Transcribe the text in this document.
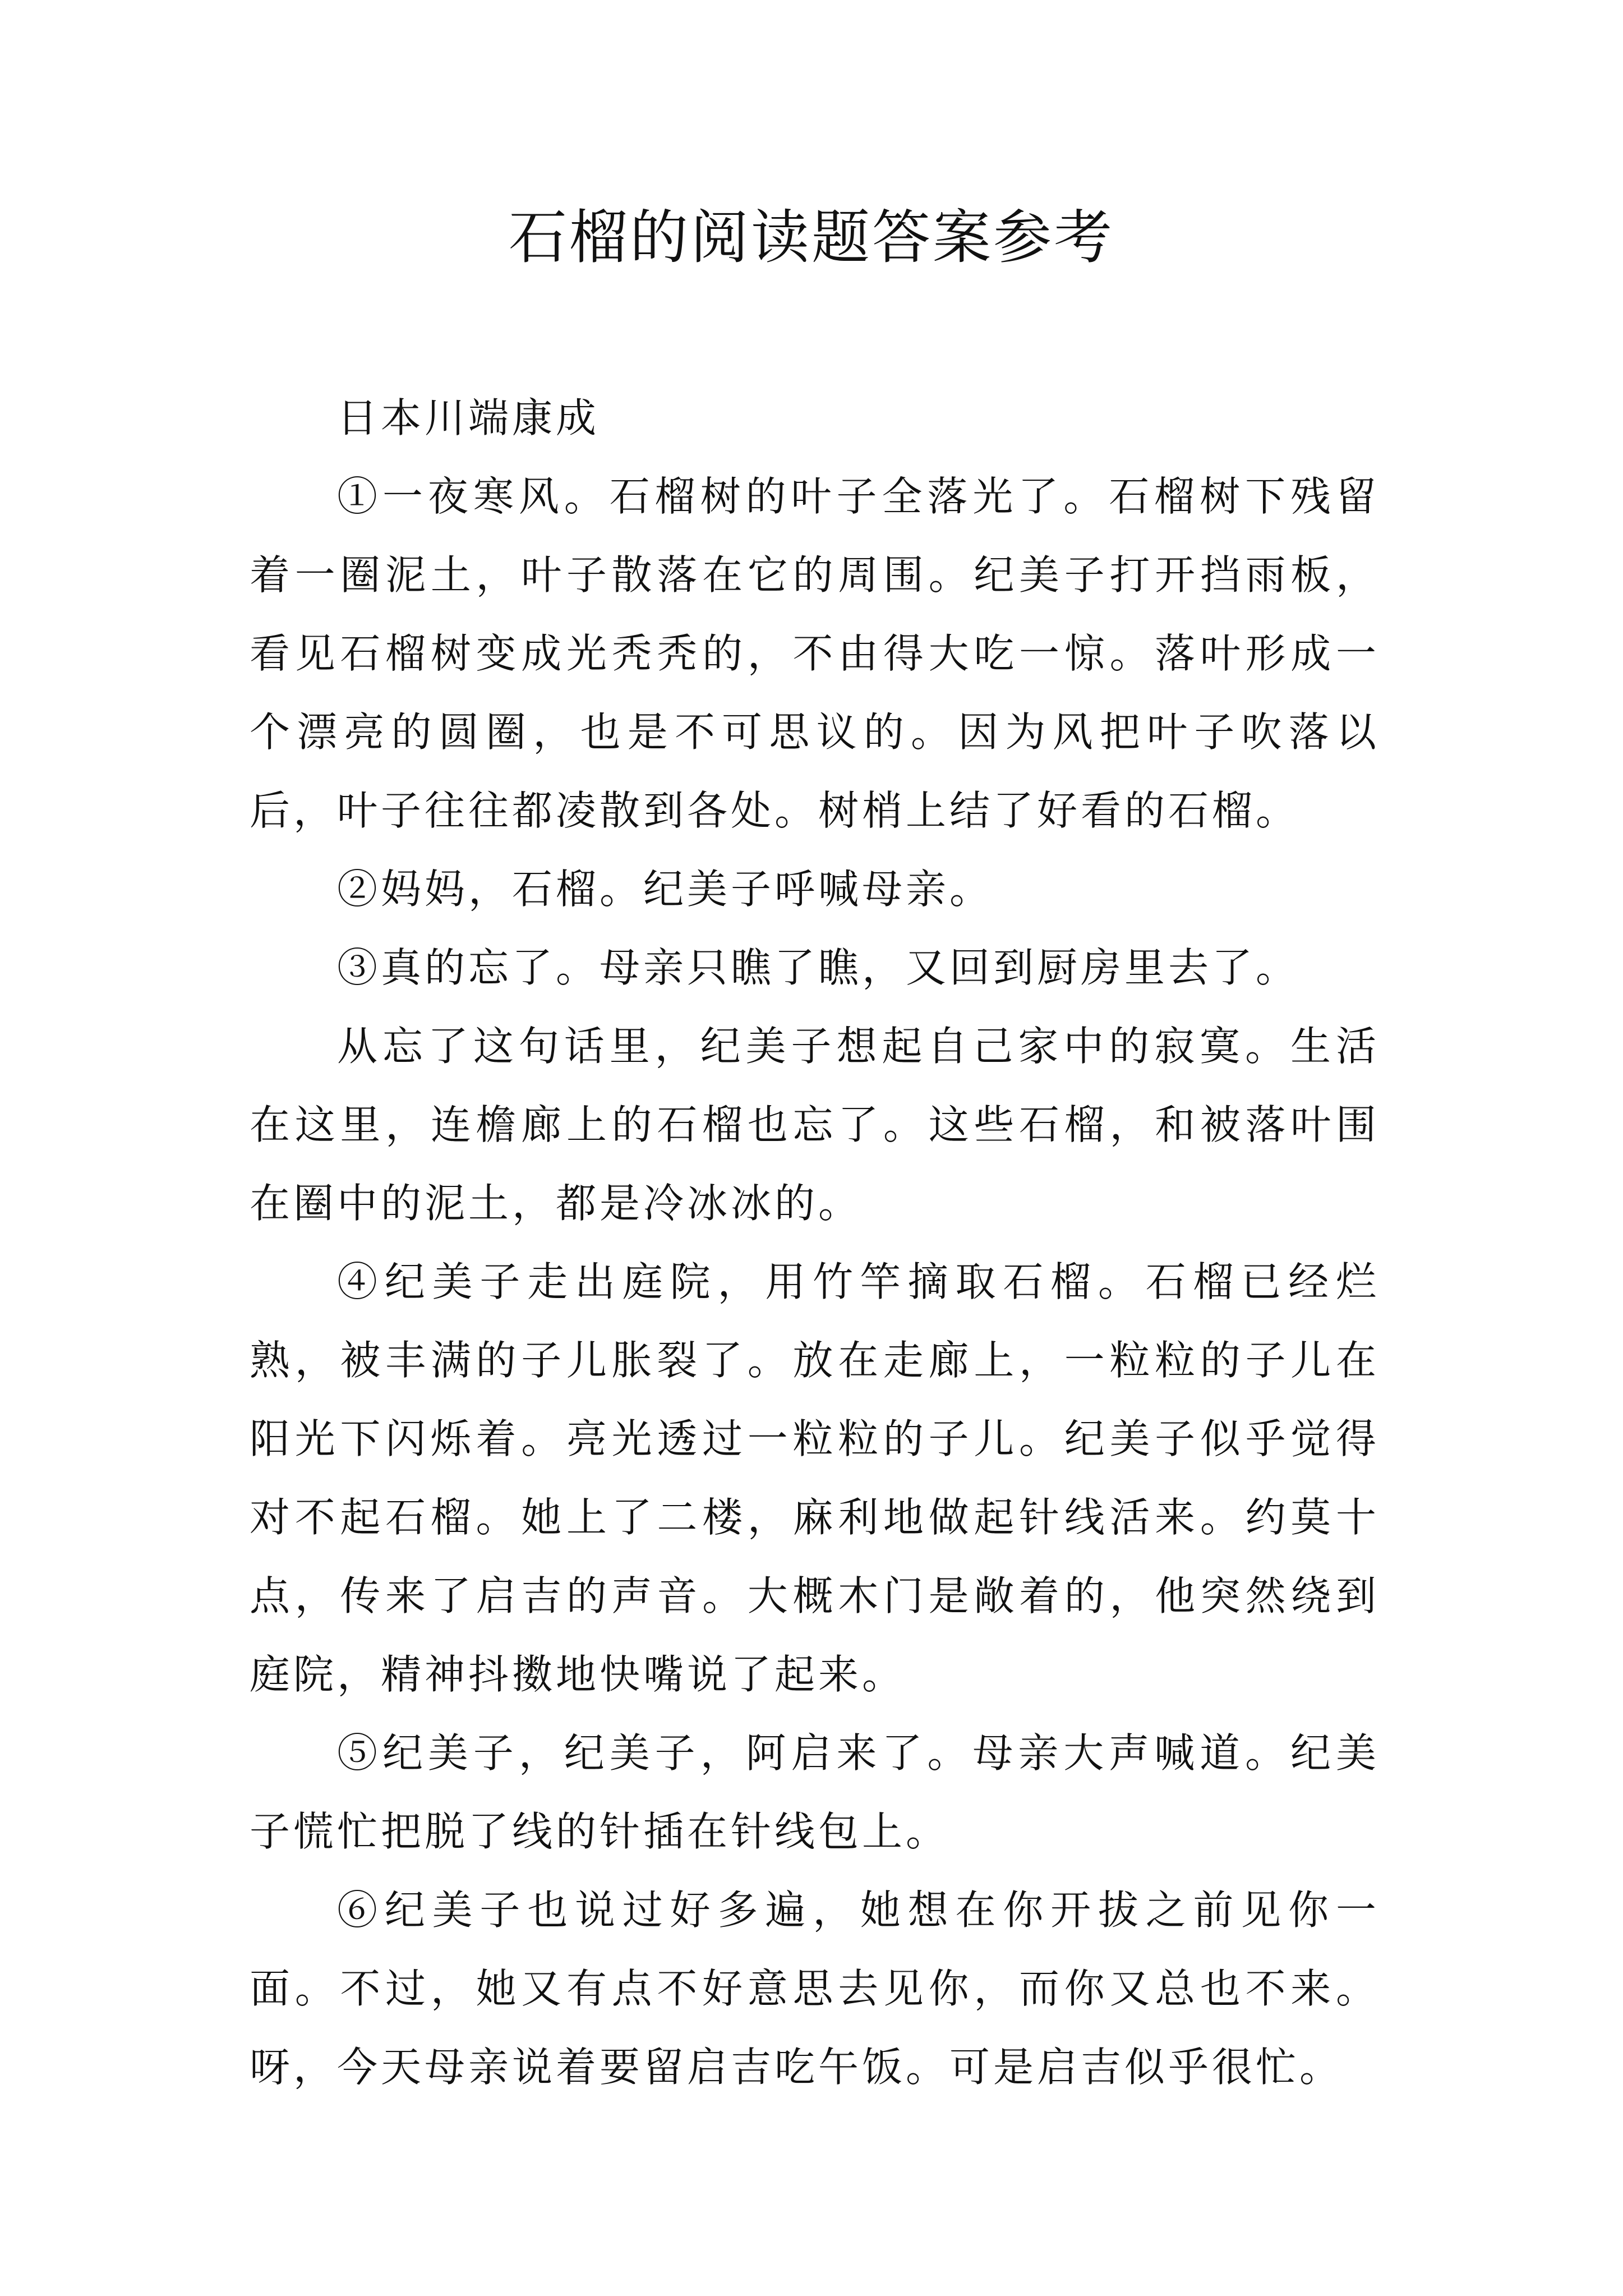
石榴的阅读题答案参考

日本川端康成

①一夜寒风。石榴树的叶子全落光了。石榴树下残留着一圈泥土，叶子散落在它的周围。纪美子打开挡雨板，看见石榴树变成光秃秃的，不由得大吃一惊。落叶形成一个漂亮的圆圈，也是不可思议的。因为风把叶子吹落以后，叶子往往都凌散到各处。树梢上结了好看的石榴。

②妈妈，石榴。纪美子呼喊母亲。

③真的忘了。母亲只瞧了瞧，又回到厨房里去了。

从忘了这句话里，纪美子想起自己家中的寂寞。生活在这里，连檐廊上的石榴也忘了。这些石榴，和被落叶围在圈中的泥土，都是冷冰冰的。

④纪美子走出庭院，用竹竿摘取石榴。石榴已经烂熟，被丰满的子儿胀裂了。放在走廊上，一粒粒的子儿在阳光下闪烁着。亮光透过一粒粒的子儿。纪美子似乎觉得对不起石榴。她上了二楼，麻利地做起针线活来。约莫十点，传来了启吉的声音。大概木门是敞着的，他突然绕到庭院，精神抖擞地快嘴说了起来。

⑤纪美子，纪美子，阿启来了。母亲大声喊道。纪美子慌忙把脱了线的针插在针线包上。

⑥纪美子也说过好多遍，她想在你开拔之前见你一面。不过，她又有点不好意思去见你，而你又总也不来。呀，今天母亲说着要留启吉吃午饭。可是启吉似乎很忙。
